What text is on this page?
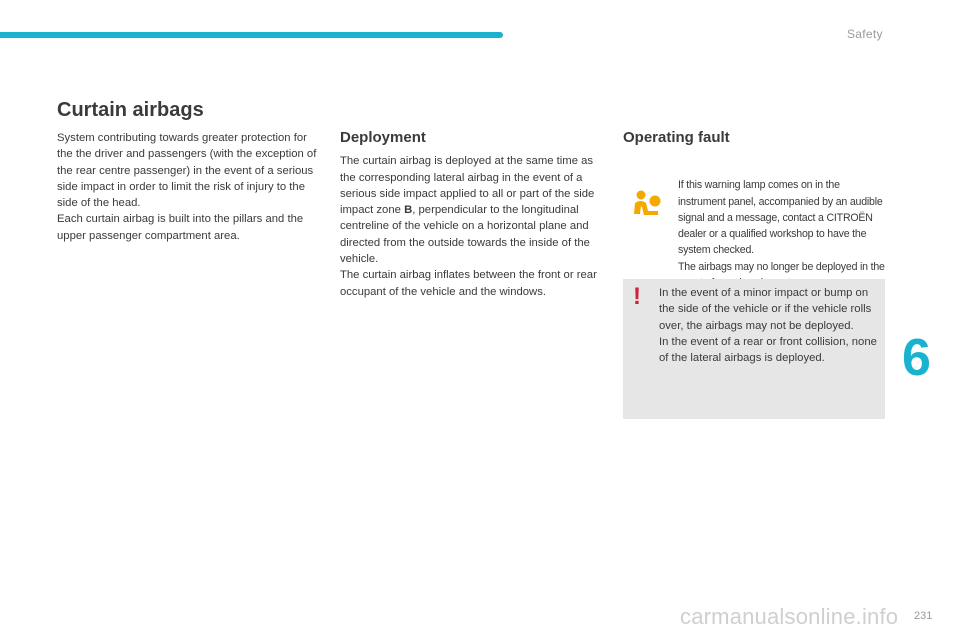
Safety
Curtain airbags

System contributing towards greater protection for the the driver and passengers (with the exception of the rear centre passenger) in the event of a serious side impact in order to limit the risk of injury to the side of the head.

Each curtain airbag is built into the pillars and the upper passenger compartment area.

Deployment

The curtain airbag is deployed at the same time as the corresponding lateral airbag in the event of a serious side impact applied to all or part of the side impact zone B, perpendicular to the longitudinal centreline of the vehicle on a horizontal plane and directed from the outside towards the inside of the vehicle.

The curtain airbag inflates between the front or rear occupant of the vehicle and the windows.

Operating fault

If this warning lamp comes on in the instrument panel, accompanied by an audible signal and a message, contact a CITROËN dealer or a qualified workshop to have the system checked.

The airbags may no longer be deployed in the

! In the event of a minor impact or bump on the side of the vehicle or if the vehicle rolls over, the airbags may not be deployed.

In the event of a rear or front collision, none of the lateral airbags is deployed.	6
carmanualsonline.info 231
